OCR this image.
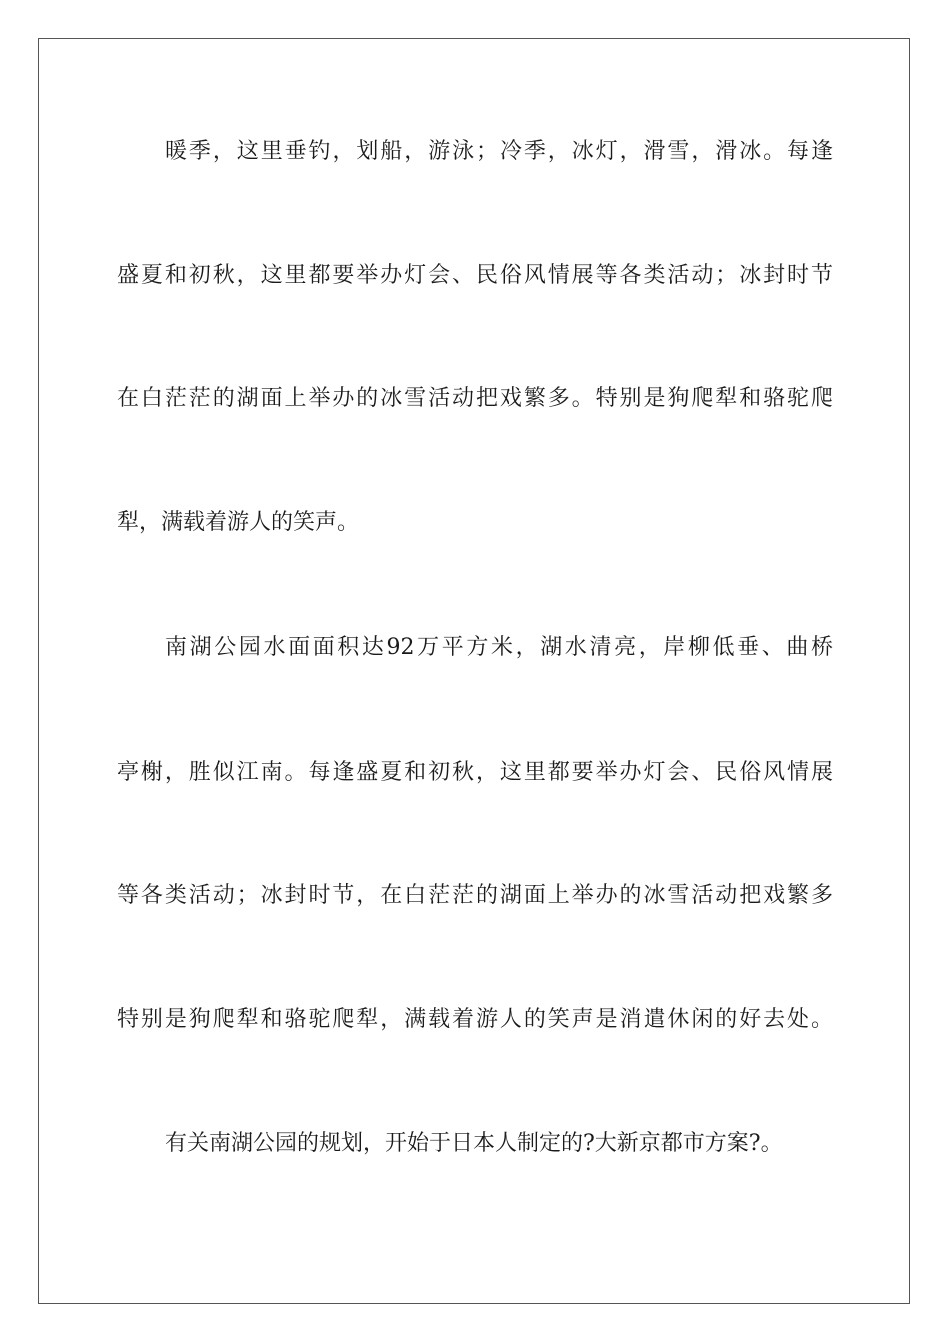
暖季，这里垂钓，划船，游泳；冷季，冰灯，滑雪，滑冰。每逢
盛夏和初秋，这里都要举办灯会、民俗风情展等各类活动；冰封时节
在白茫茫的湖面上举办的冰雪活动把戏繁多。特别是狗爬犁和骆驼爬
犁，满载着游人的笑声。
南湖公园水面面积达92万平方米，湖水清亮，岸柳低垂、曲桥
亭榭，胜似江南。每逢盛夏和初秋，这里都要举办灯会、民俗风情展
等各类活动；冰封时节，在白茫茫的湖面上举办的冰雪活动把戏繁多
特别是狗爬犁和骆驼爬犁，满载着游人的笑声是消遣休闲的好去处。
有关南湖公园的规划，开始于日本人制定的?大新京都市方案?。
